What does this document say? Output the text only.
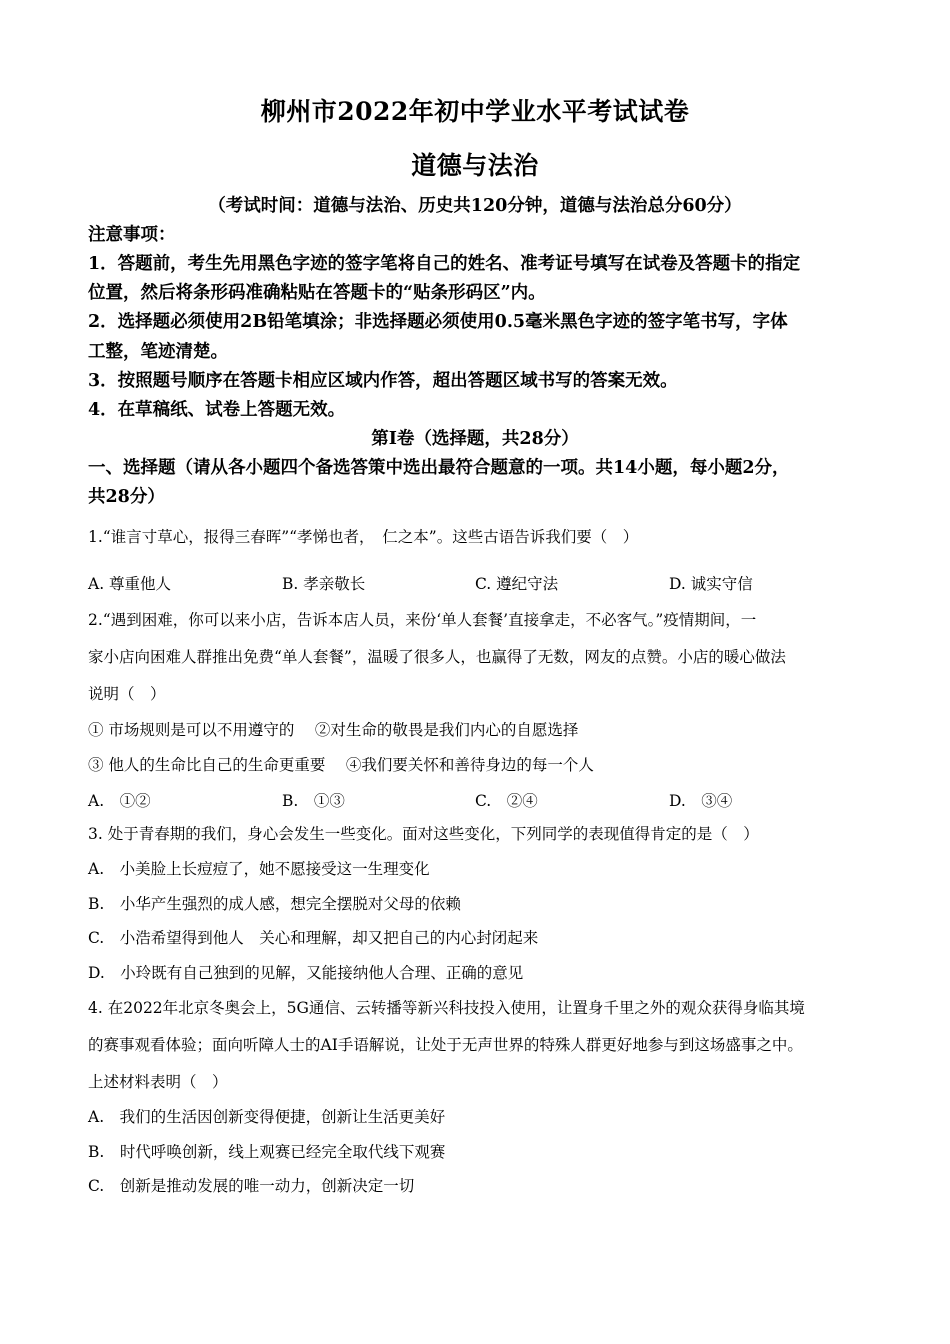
柳州市2022年初中学业水平考试试卷
道德与法治
（考试时间：道德与法治、历史共120分钟，道德与法治总分60分）
注意事项：
1．答题前，考生先用黑色字迹的签字笔将自己的姓名、准考证号填写在试卷及答题卡的指定
位置，然后将条形码准确粘贴在答题卡的“贴条形码区”内。
2．选择题必须使用2B铅笔填涂；非选择题必须使用0.5毫米黑色字迹的签字笔书写，字体
工整，笔迹清楚。
3．按照题号顺序在答题卡相应区域内作答，超出答题区域书写的答案无效。
4．在草稿纸、试卷上答题无效。
第Ⅰ卷（选择题，共28分）
一、选择题（请从各小题四个备选答策中选出最符合题意的一项。共14小题，每小题2分，
共28分）
1.“谁言寸草心，报得三春晖”“孝悌也者，　仁之本”。这些古语告诉我们要（　）
A. 尊重他人	B. 孝亲敬长	C. 遵纪守法	D. 诚实守信
2.“遇到困难，你可以来小店，告诉本店人员，来份‘单人套餐’直接拿走，不必客气。”疫情期间，一
家小店向困难人群推出免费“单人套餐”，温暖了很多人，也赢得了无数，网友的点赞。小店的暖心做法
说明（　）
① 市场规则是可以不用遵守的　 ②对生命的敬畏是我们内心的自愿选择
③ 他人的生命比自己的生命更重要　 ④我们要关怀和善待身边的每一个人
A.　①②	B.　①③	C.　②④	D.　③④
3. 处于青春期的我们，身心会发生一些变化。面对这些变化，下列同学的表现值得肯定的是（　）
A.　小美脸上长痘痘了，她不愿接受这一生理变化
B.　小华产生强烈的成人感，想完全摆脱对父母的依赖
C.　小浩希望得到他人　关心和理解，却又把自己的内心封闭起来
D.　小玲既有自己独到的见解，又能接纳他人合理、正确的意见
4. 在2022年北京冬奥会上，5G通信、云转播等新兴科技投入使用，让置身千里之外的观众获得身临其境
的赛事观看体验；面向听障人士的AI手语解说，让处于无声世界的特殊人群更好地参与到这场盛事之中。
上述材料表明（　）
A.　我们的生活因创新变得便捷，创新让生活更美好
B.　时代呼唤创新，线上观赛已经完全取代线下观赛
C.　创新是推动发展的唯一动力，创新决定一切
